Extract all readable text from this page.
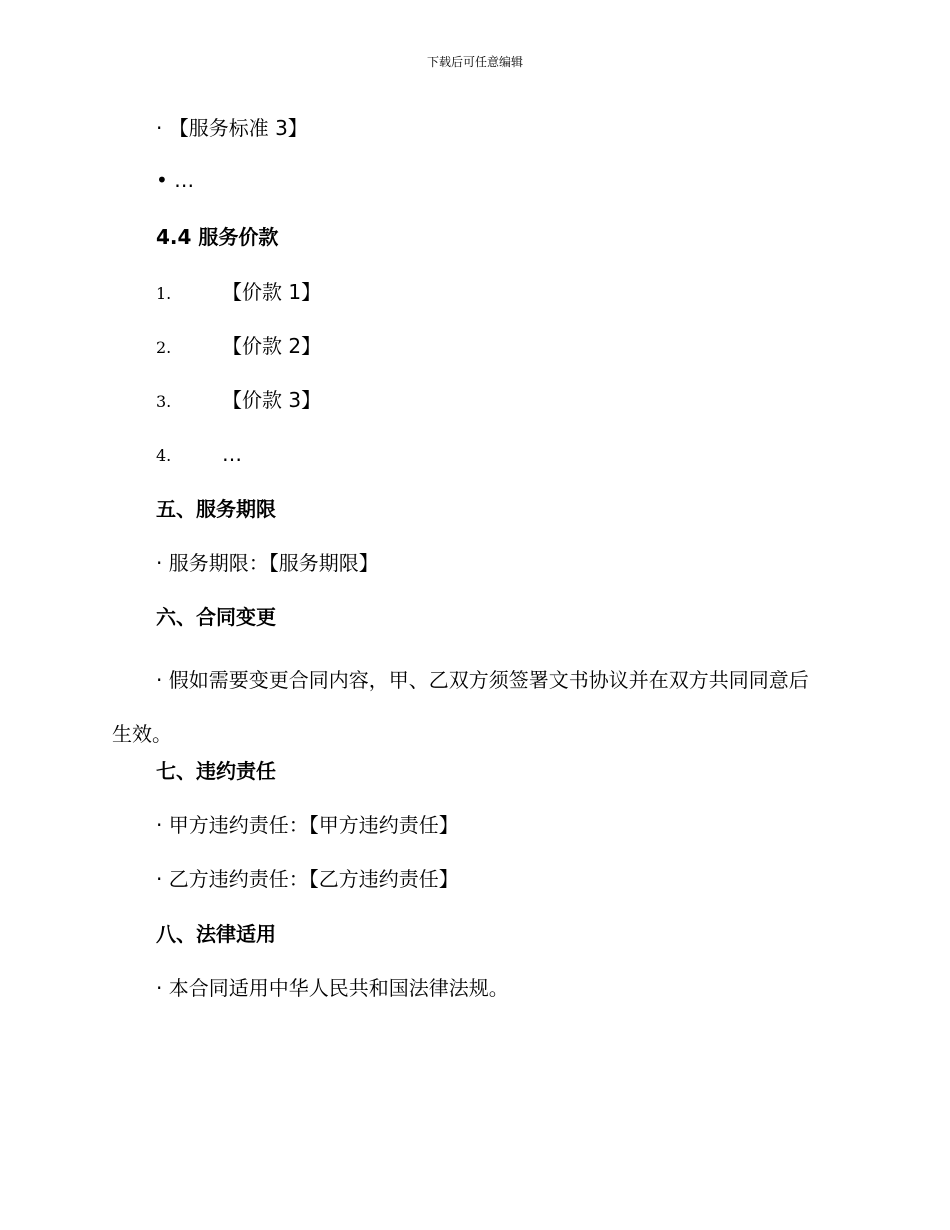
下载后可任意编辑
· 【服务标准 3】
• …
4.4 服务价款
1.	【价款 1】
2.	【价款 2】
3.	【价款 3】
4.	…
五、服务期限
· 服务期限：【服务期限】
六、合同变更
· 假如需要变更合同内容，甲、乙双方须签署文书协议并在双方共同同意后生效。
七、违约责任
· 甲方违约责任：【甲方违约责任】
· 乙方违约责任：【乙方违约责任】
八、法律适用
· 本合同适用中华人民共和国法律法规。
